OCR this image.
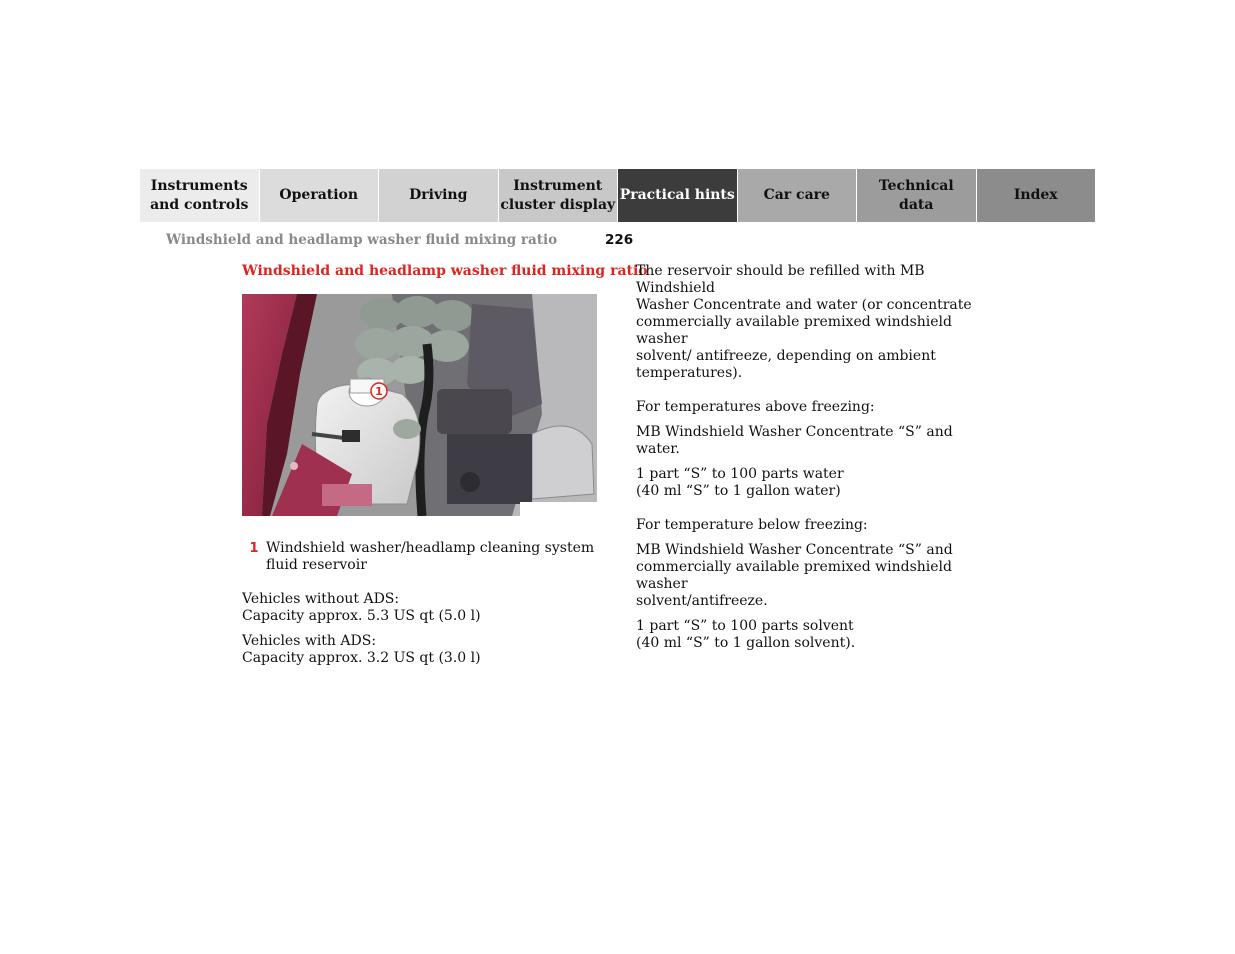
Instruments
and controls
Operation	Driving
Instrument
cluster display
Practical hints	Car care
Technical
data
Index
Windshield and headlamp washer fluid mixing ratio	226
Windshield and headlamp washer fluid mixing ratio
1
1 Windshield washer/headlamp cleaning system
fluid reservoir

Vehicles without ADS:
Capacity approx. 5.3 US qt (5.0 l)

Vehicles with ADS:
Capacity approx. 3.2 US qt (3.0 l)

The reservoir should be refilled with MB Windshield
Washer Concentrate and water (or concentrate
commercially available premixed windshield washer
solvent/ antifreeze, depending on ambient
temperatures).

For temperatures above freezing:

MB Windshield Washer Concentrate “S” and water.

1 part “S” to 100 parts water
(40 ml “S” to 1 gallon water)

For temperature below freezing:

MB Windshield Washer Concentrate “S” and
commercially available premixed windshield washer
solvent/antifreeze.

1 part “S” to 100 parts solvent
(40 ml “S” to 1 gallon solvent).
